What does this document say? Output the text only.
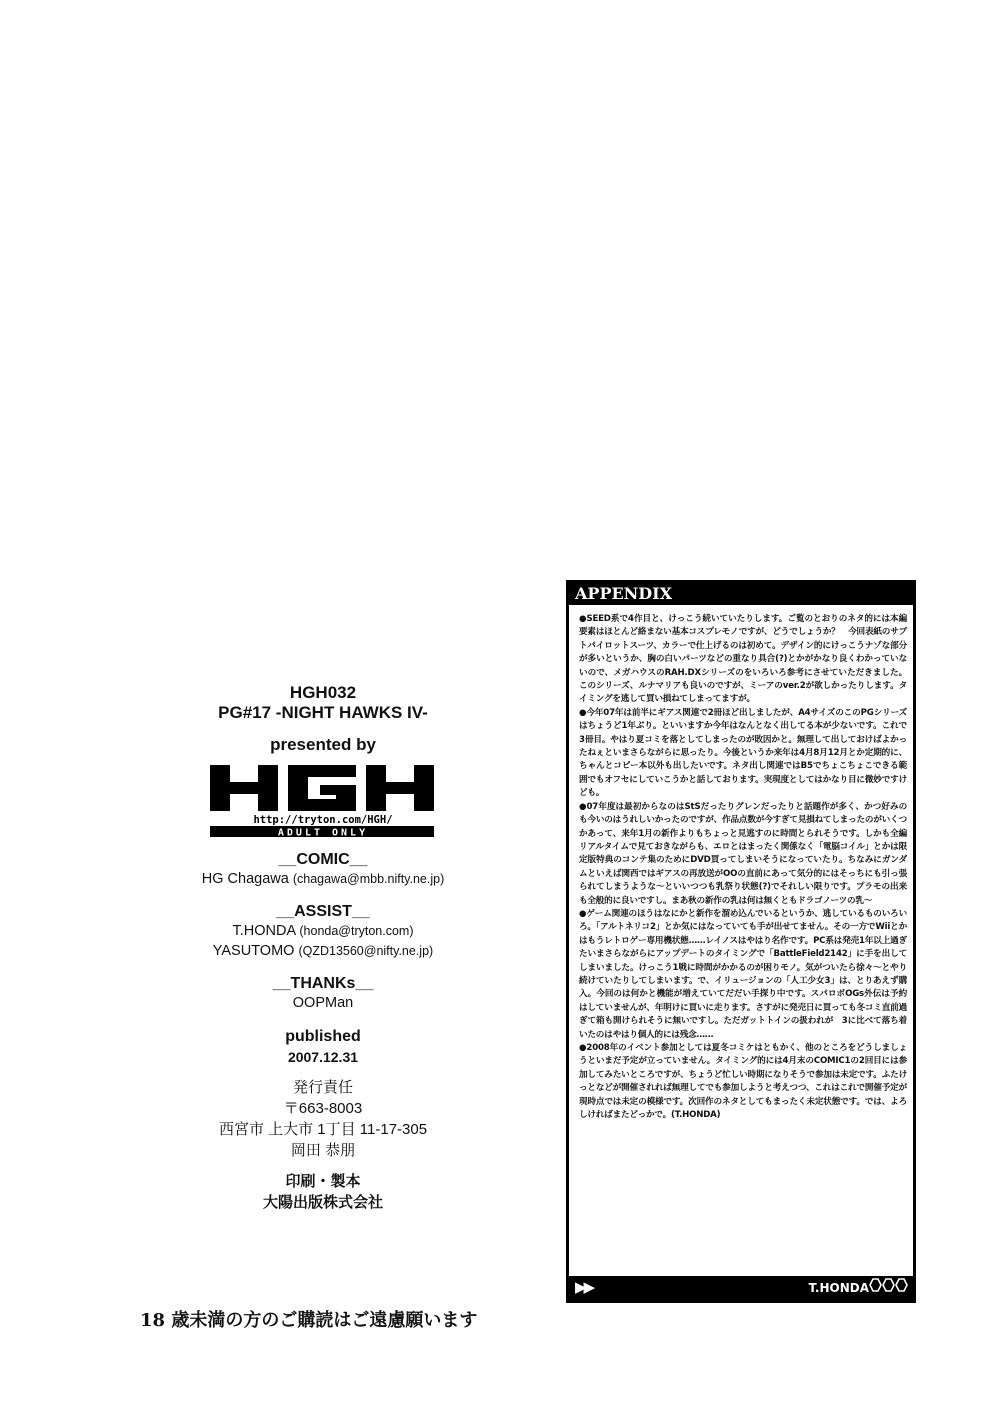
HGH032
PG#17 -NIGHT HAWKS IV-
presented by
http://tryton.com/HGH/
ADULT ONLY
__COMIC__
HG Chagawa (chagawa@mbb.nifty.ne.jp)
__ASSIST__
T.HONDA (honda@tryton.com)
YASUTOMO (QZD13560@nifty.ne.jp)
__THANKs__
OOPMan
published
2007.12.31
発行責任
〒663-8003
西宮市 上大市 1丁目 11-17-305
岡田 恭朋
印刷・製本
大陽出版株式会社
18 歳未満の方のご購読はご遠慮願います
APPENDIX

●SEED系で4作目と、けっこう続いていたりします。ご覧のとおりのネタ的には本編要素はほとんど絡まない基本コスプレモノですが、どうでしょうか？　今回表紙のサブトパイロットスーツ、カラーで仕上げるのは初めて。デザイン的にけっこうナゾな部分が多いというか、胸の白いパーツなどの重なり具合(?)とかがかなり良くわかっていないので、メガハウスのRAH.DXシリーズのをいろいろ参考にさせていただきました。このシリーズ、ルナマリアも良いのですが、ミーアのver.2が欲しかったりします。タイミングを逃して買い損ねてしまってますが。

●今年07年は前半にギアス関連で2冊ほど出しましたが、A4サイズのこのPGシリーズはちょうど1年ぶり。といいますか今年はなんとなく出してる本が少ないです。これで3冊目。やはり夏コミを落としてしまったのが敗因かと。無理して出しておけばよかったねぇといまさらながらに思ったり。今後というか来年は4月8月12月とか定期的に、ちゃんとコピー本以外も出したいです。ネタ出し関連ではB5でちょこちょこできる範囲でもオフセにしていこうかと話しております。実現度としてはかなり目に微妙ですけども。

●07年度は最初からなのはStSだったりグレンだったりと話題作が多く、かつ好みのも今いのはうれしいかったのですが、作品点数が今すぎて見損ねてしまったのがいくつかあって、来年1月の新作よりもちょっと見逃すのに時間とられそうです。しかも全編リアルタイムで見ておきながらも、エロとはまったく関係なく「電脳コイル」とかは限定版特典のコンテ集のためにDVD買ってしまいそうになっていたり。ちなみにガンダムといえば関西ではギアスの再放送がOOの直前にあって気分的にはそっちにも引っ張られてしまうような〜といいつつも乳祭り状態(?)でそれしい限りです。プラモの出来も全般的に良いですし。まあ秋の新作の乳は何は無くともドラゴノーツの乳〜

●ゲーム関連のほうはなにかと新作を溜め込んでいるというか、逃しているものいろいろ。「アルトネリコ2」とか気にはなっていても手が出せてません。その一方でWiiとかはもうレトロゲー専用機状態……レイノスはやはり名作です。PC系は発売1年以上過ぎたいまさらながらにアップデートのタイミングで「BattleField2142」に手を出してしまいました。けっこう1戦に時間がかかるのが困りモノ。気がついたら徐々〜とやり続けていたりしてしまいます。で、イリュージョンの「人工少女3」は、とりあえず購入。今回のは何かと機能が増えていてだだい手探り中です。スパロボOGs外伝は予約はしていませんが、年明けに買いに走ります。さすがに発売日に買っても冬コミ直前過ぎて箱も開けられそうに無いですし。ただガットトインの扱われが　3に比べて落ち着いたのはやはり個人的には残念……

●2008年のイベント参加としては夏冬コミケはともかく、他のところをどうしましょうといまだ予定が立っていません。タイミング的には4月末のCOMIC1の2回目には参加してみたいところですが、ちょうど忙しい時期になりそうで参加は未定です。ふたけっとなどが開催されれば無理してでも参加しようと考えつつ、これはこれで開催予定が現時点では未定の模様です。次回作のネタとしてもまったく未定状態です。では、よろしければまたどっかで。(T.HONDA)

▶▶	T.HONDA
